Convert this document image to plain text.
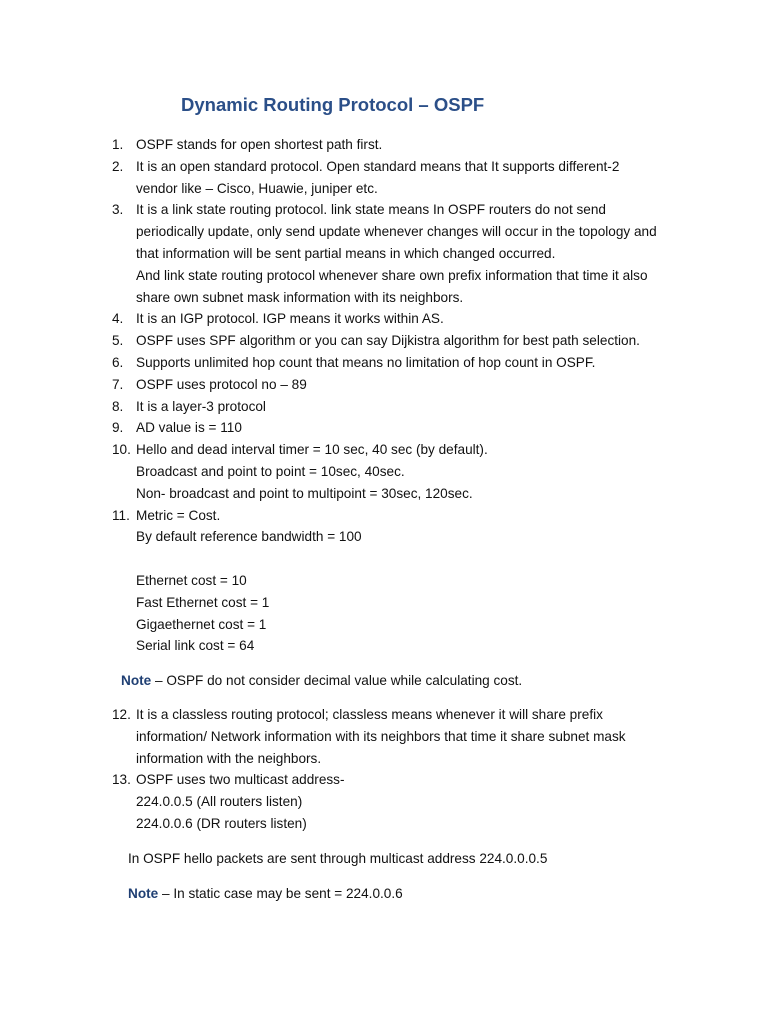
Dynamic Routing Protocol – OSPF
1. OSPF stands for open shortest path first.
2. It is an open standard protocol. Open standard means that It supports different-2
vendor like – Cisco, Huawie, juniper etc.
3. It is a link state routing protocol. link state means In OSPF routers do not send
periodically update, only send update whenever changes will occur in the topology and
that information will be sent partial means in which changed occurred.
And link state routing protocol whenever share own prefix information that time it also
share own subnet mask information with its neighbors.
4. It is an IGP protocol. IGP means it works within AS.
5. OSPF uses SPF algorithm or you can say Dijkistra algorithm for best path selection.
6. Supports unlimited hop count that means no limitation of hop count in OSPF.
7. OSPF uses protocol no – 89
8. It is a layer-3 protocol
9. AD value is = 110
10. Hello and dead interval timer = 10 sec, 40 sec (by default).
Broadcast and point to point = 10sec, 40sec.
Non- broadcast and point to multipoint = 30sec, 120sec.
11. Metric = Cost.
By default reference bandwidth = 100
Ethernet cost = 10
Fast Ethernet cost = 1
Gigaethernet cost = 1
Serial link cost = 64
Note – OSPF do not consider decimal value while calculating cost.
12. It is a classless routing protocol; classless means whenever it will share prefix
information/ Network information with its neighbors that time it share subnet mask
information with the neighbors.
13. OSPF uses two multicast address-
224.0.0.5 (All routers listen)
224.0.0.6 (DR routers listen)
In OSPF hello packets are sent through multicast address 224.0.0.0.5
Note – In static case may be sent = 224.0.0.6
